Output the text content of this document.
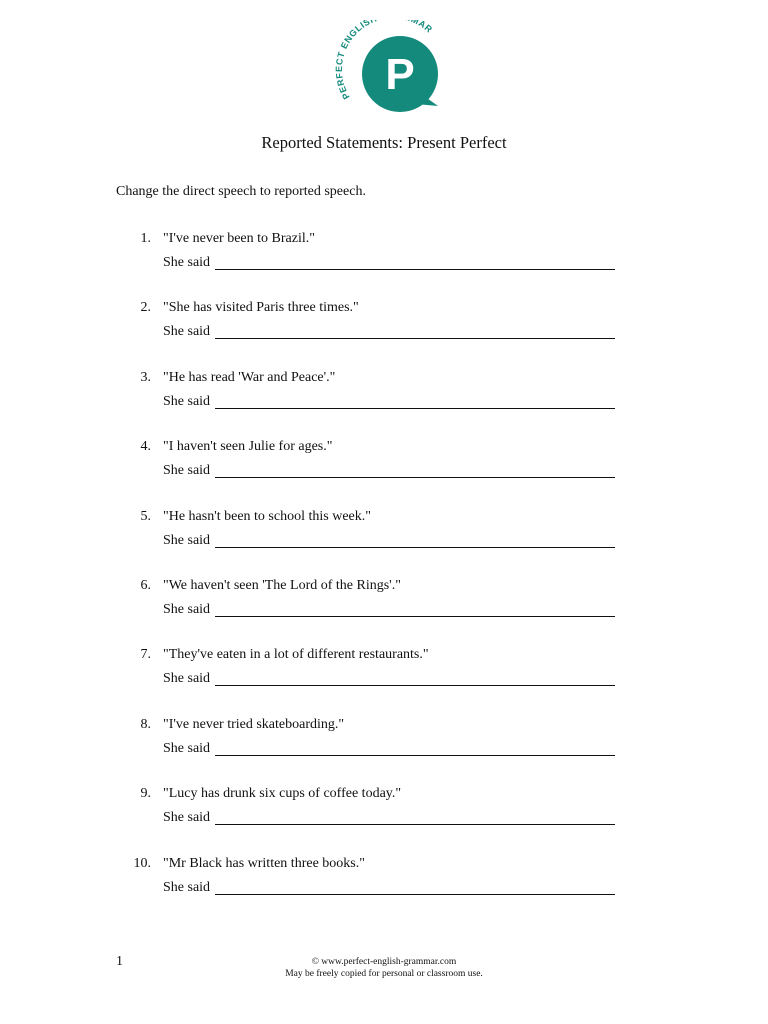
PERFECT ENGLIS MAR
P
Reported Statements: Present Perfect
Change the direct speech to reported speech.
1. "I've never been to Brazil."
She said
2. "She has visited Paris three times."
She said
3. "He has read 'War and Peace'."
She said
4. "I haven't seen Julie for ages."
She said
5. "He hasn't been to school this week."
She said
6. "We haven't seen 'The Lord of the Rings'."
She said
7. "They've eaten in a lot of different restaurants."
She said
8. "I've never tried skateboarding."
She said
9. "Lucy has drunk six cups of coffee today."
She said
10. "Mr Black has written three books."
She said
1	© www.perfect-english-grammar.com
May be freely copied for personal or classroom use.
